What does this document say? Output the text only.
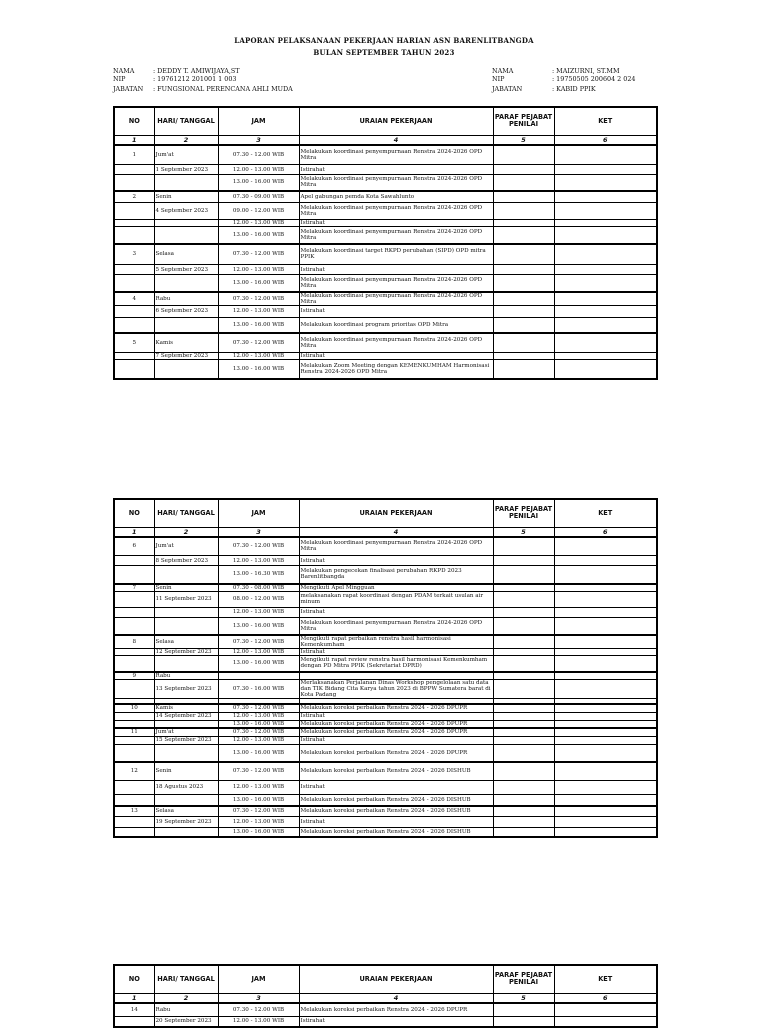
LAPORAN PELAKSANAAN PEKERJAAN HARIAN ASN BARENLITBANGDA
BULAN SEPTEMBER TAHUN 2023
NAMA	: DEDDY T. AMIWIJAYA,ST
NIP	: 19761212 201001 1 003
JABATAN : FUNGSIONAL PERENCANA AHLI MUDA
NAMA	: MAIZURNI, ST.MM
NIP	: 19750505 200604 2 024
JABATAN	: KABID PPIK
NO	HARI/ TANGGAL	JAM	URAIAN PEKERJAAN	PARAF PEJABAT PENILAI	KET
1	2	3	4	5	6
1	Jum'at	07.30 - 12.00 WIB	Melakukan koordinasi penyempurnaan Renstra 2024-2026 OPD Mitra		
	1 September 2023	12.00 - 13.00 WIB	Istirahat		
		13.00 - 16.00 WIB	Melakukan koordinasi penyempurnaan Renstra 2024-2026 OPD Mitra		
2	Senin	07.30 - 09.00 WIB	Apel gabungan pemda Kota Sawahlunto		
	4 September 2023	09.00 - 12.00 WIB	Melakukan koordinasi penyempurnaan Renstra 2024-2026 OPD Mitra		
		12.00 - 13.00 WIB	Istirahat		
		13.00 - 16.00 WIB	Melakukan koordinasi penyempurnaan Renstra 2024-2026 OPD Mitra		
3	Selasa	07.30 - 12.00 WIB	Melakukan koordinasi target RKPD perubahan (SIPD) OPD mitra PPIK		
	5 September 2023	12.00 - 13.00 WIB	Istirahat		
		13.00 - 16.00 WIB	Melakukan koordinasi penyempurnaan Renstra 2024-2026 OPD Mitra		
4	Rabu	07.30 - 12.00 WIB	Melakukan koordinasi penyempurnaan Renstra 2024-2026 OPD Mitra		
	6 September 2023	12.00 - 13.00 WIB	Istirahat		
		13.00 - 16.00 WIB	Melakukan koordinasi program prioritas OPD Mitra		
5	Kamis	07.30 - 12.00 WIB	Melakukan koordinasi penyempurnaan Renstra 2024-2026 OPD Mitra		
	7 September 2023	12.00 - 13.00 WIB	Istirahat		
		13.00 - 16.00 WIB	Melakukan Zoom Meeting dengan KEMENKUMHAM Harmonisasi Renstra 2024-2026 OPD Mitra		
NO	HARI/ TANGGAL	JAM	URAIAN PEKERJAAN	PARAF PEJABAT PENILAI	KET
1	2	3	4	5	6
6	Jum'at	07.30 - 12.00 WIB	Melakukan koordinasi penyempurnaan Renstra 2024-2026 OPD Mitra		
	8 September 2023	12.00 - 13.00 WIB	Istirahat		
		13.00 - 16.30 WIB	Melakukan pengecekan finalisasi perubahan RKPD 2023 Barenlitbangda		
7	Senin	07.30 - 08.00 WIB	Mengikuti Apel Mingguan		
	11 September 2023	08.00 - 12.00 WIB	melaksanakan rapat koordinasi dengan PDAM terkait usulan air minum		
		12.00 - 13.00 WIB	Istirahat		
		13.00 - 16.00 WIB	Melakukan koordinasi penyempurnaan Renstra 2024-2026 OPD Mitra		
8	Selasa	07.30 - 12.00 WIB	Mengikuti rapat perbaikan renstra hasil harmonisasi Kemenkumham		
	12 September 2023	12.00 - 13.00 WIB	Istirahat		
		13.00 - 16.00 WIB	Mengikuti rapat review renstra hasil harmonisasi Kemenkumham dengan PD Mitra PPIK (Sekretariat DPRD)		
9	Rabu				
	13 September 2023	07.30 - 16.00 WIB	Merlaksanakan Perjalanan Dinas Workshop pengelolaan satu data dan TIK Bidang Cita Karya tahun 2023 di BPPW Sumatera barat di Kota Padang		

10	Kamis	07.30 - 12.00 WIB	Melakukan koreksi perbaikan Renstra 2024 - 2026 DPUPR		
	14 September 2023	12.00 - 13.00 WIB	Istirahat		
		13.00 - 16.00 WIB	Melakukan koreksi perbaikan Renstra 2024 - 2026 DPUPR		
11	Jum'at	07.30 - 12.00 WIB	Melakukan koreksi perbaikan Renstra 2024 - 2026 DPUPR		
	15 September 2023	12.00 - 13.00 WIB	Istirahat		
		13.00 - 16.00 WIB	Melakukan koreksi perbaikan Renstra 2024 - 2026 DPUPR		
12	Senin	07.30 - 12.00 WIB	Melakukan koreksi perbaikan Renstra 2024 - 2026 DISHUB		
	18 Agustus 2023	12.00 - 13.00 WIB	Istirahat		
		13.00 - 16.00 WIB	Melakukan koreksi perbaikan Renstra 2024 - 2026 DISHUB		
13	Selasa	07.30 - 12.00 WIB	Melakukan koreksi perbaikan Renstra 2024 - 2026 DISHUB		
	19 September 2023	12.00 - 13.00 WIB	Istirahat		
		13.00 - 16.00 WIB	Melakukan koreksi perbaikan Renstra 2024 - 2026 DISHUB		
NO	HARI/ TANGGAL	JAM	URAIAN PEKERJAAN	PARAF PEJABAT PENILAI	KET
1	2	3	4	5	6
14	Rabu	07.30 - 12.00 WIB	Melakukan koreksi perbaikan Renstra 2024 - 2026 DPUPR		
	20 September 2023	12.00 - 13.00 WIB	Istirahat		
